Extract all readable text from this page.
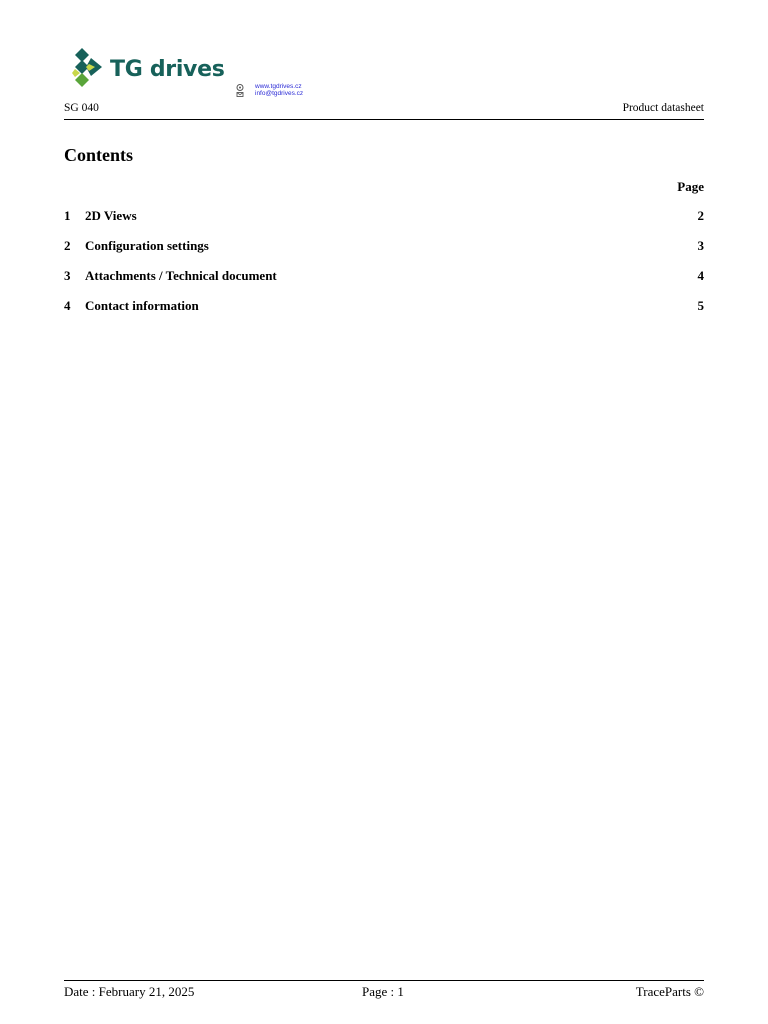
TG drives
www.tgdrives.cz
info@tgdrives.cz
SG 040	Product datasheet
Contents
Page
1 2D Views	2
2 Configuration settings	3
3 Attachments / Technical document	4
4 Contact information	5
Date : February 21, 2025	Page : 1	TraceParts ©
